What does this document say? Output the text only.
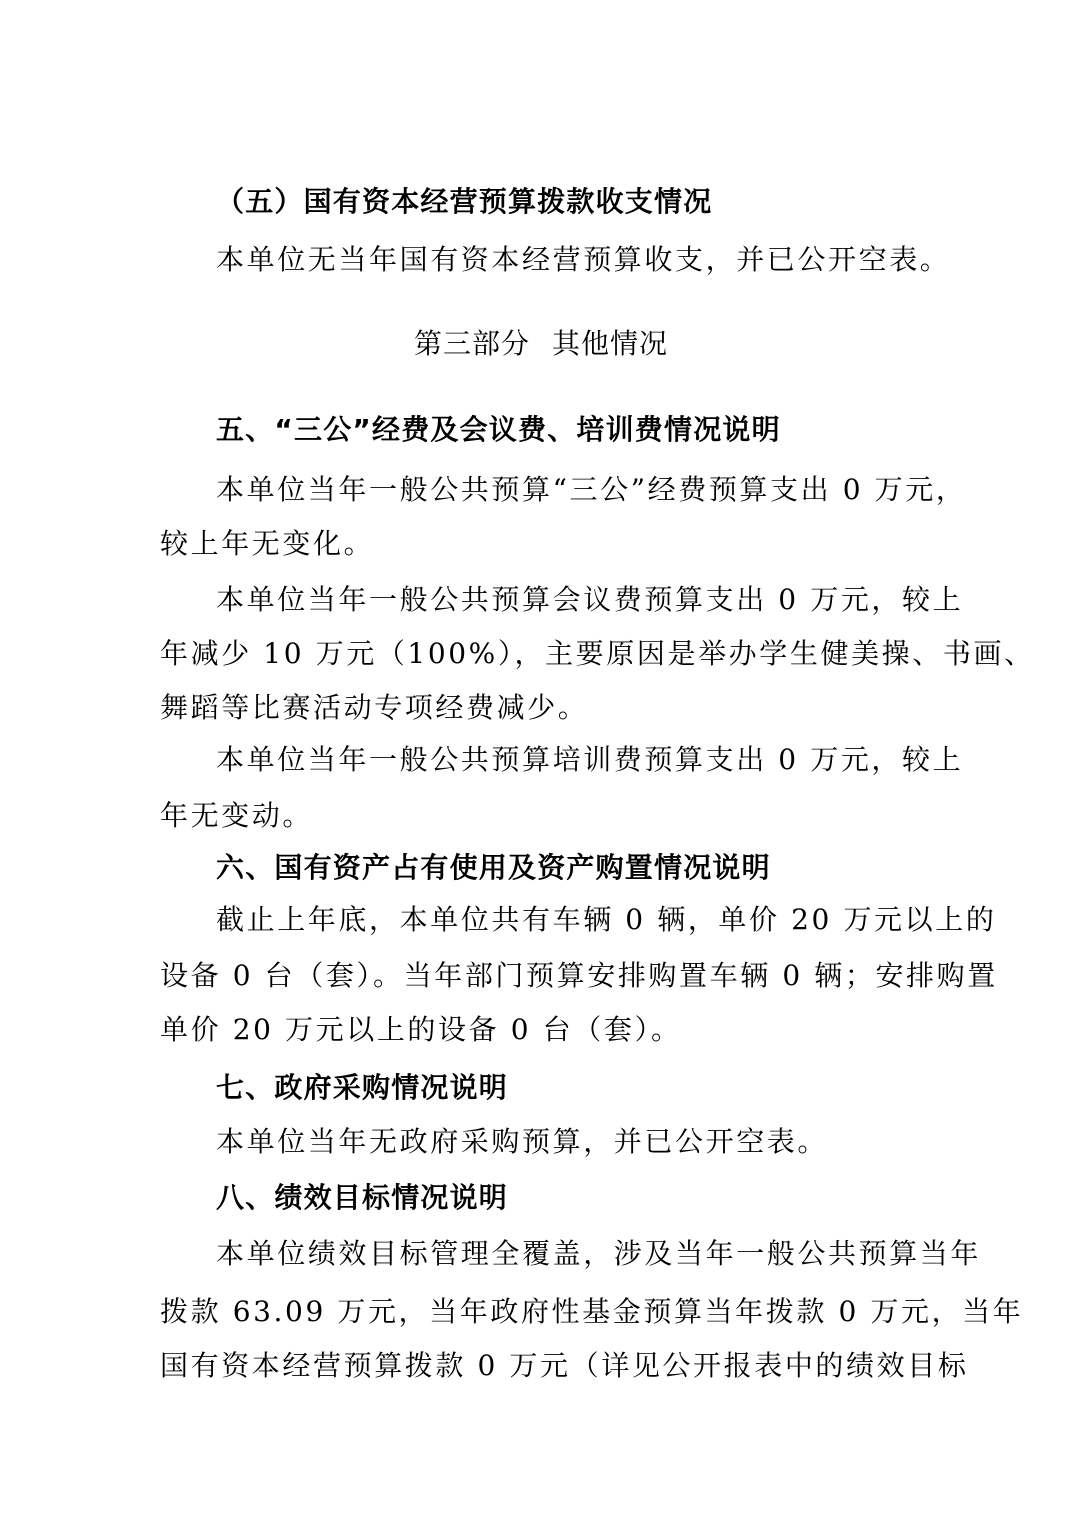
（五）国有资本经营预算拨款收支情况
本单位无当年国有资本经营预算收支，并已公开空表。
第三部分 其他情况
五、“三公”经费及会议费、培训费情况说明
本单位当年一般公共预算“三公”经费预算支出 0 万元，
较上年无变化。
本单位当年一般公共预算会议费预算支出 0 万元，较上
年减少 10 万元（100%），主要原因是举办学生健美操、书画、
舞蹈等比赛活动专项经费减少。
本单位当年一般公共预算培训费预算支出 0 万元，较上
年无变动。
六、国有资产占有使用及资产购置情况说明
截止上年底，本单位共有车辆 0 辆，单价 20 万元以上的
设备 0 台（套）。当年部门预算安排购置车辆 0 辆；安排购置
单价 20 万元以上的设备 0 台（套）。
七、政府采购情况说明
本单位当年无政府采购预算，并已公开空表。
八、绩效目标情况说明
本单位绩效目标管理全覆盖，涉及当年一般公共预算当年
拨款 63.09 万元，当年政府性基金预算当年拨款 0 万元，当年
国有资本经营预算拨款 0 万元（详见公开报表中的绩效目标
